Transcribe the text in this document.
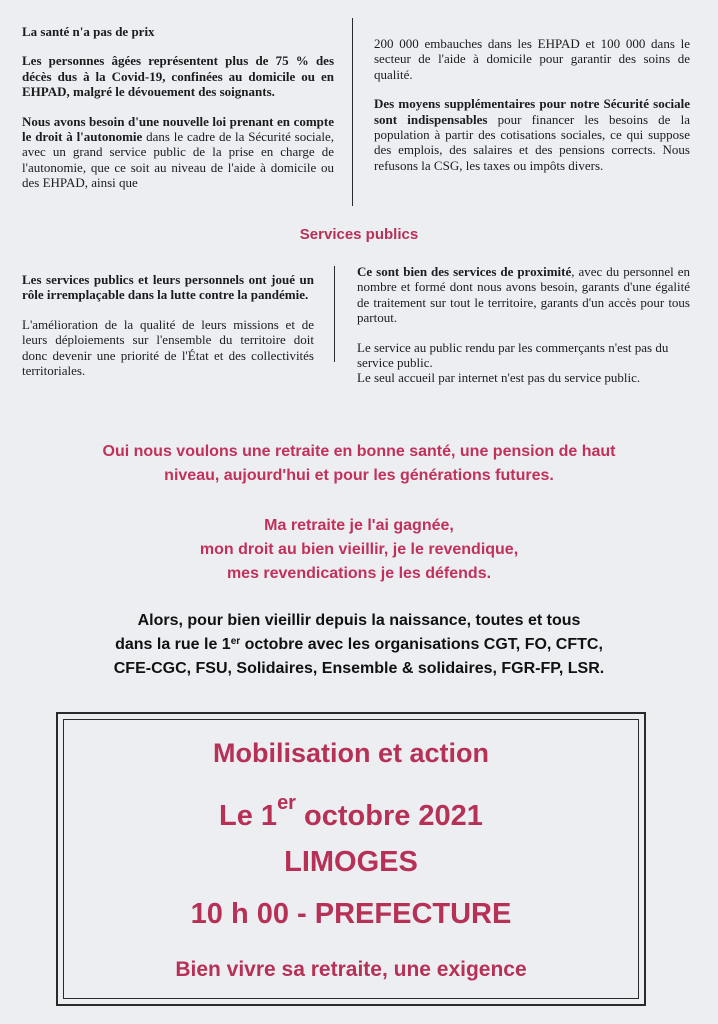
La santé n'a pas de prix

Les personnes âgées représentent plus de 75 % des décès dus à la Covid-19, confinées au domicile ou en EHPAD, malgré le dévouement des soignants.

Nous avons besoin d'une nouvelle loi prenant en compte le droit à l'autonomie dans le cadre de la Sécurité sociale, avec un grand service public de la prise en charge de l'autonomie, que ce soit au niveau de l'aide à domicile ou des EHPAD, ainsi que

200 000 embauches dans les EHPAD et 100 000 dans le secteur de l'aide à domicile pour garantir des soins de qualité.

Des moyens supplémentaires pour notre Sécurité sociale sont indispensables pour financer les besoins de la population à partir des cotisations sociales, ce qui suppose des emplois, des salaires et des pensions corrects. Nous refusons la CSG, les taxes ou impôts divers.

Services publics

Les services publics et leurs personnels ont joué un rôle irremplaçable dans la lutte contre la pandémie.

L'amélioration de la qualité de leurs missions et de leurs déploiements sur l'ensemble du territoire doit donc devenir une priorité de l'État et des collectivités territoriales.

Ce sont bien des services de proximité, avec du personnel en nombre et formé dont nous avons besoin, garants d'une égalité de traitement sur tout le territoire, garants d'un accès pour tous partout.

Le service au public rendu par les commerçants n'est pas du service public.
Le seul accueil par internet n'est pas du service public.

Oui nous voulons une retraite en bonne santé, une pension de haut
niveau, aujourd'hui et pour les générations futures.
Ma retraite je l'ai gagnée,
mon droit au bien vieillir, je le revendique,
mes revendications je les défends.
Alors, pour bien vieillir depuis la naissance, toutes et tous
dans la rue le 1er octobre avec les organisations CGT, FO, CFTC,
CFE-CGC, FSU, Solidaires, Ensemble & solidaires, FGR-FP, LSR.
Mobilisation et action
Le 1er octobre 2021
LIMOGES
10 h 00 - PREFECTURE
Bien vivre sa retraite, une exigence
